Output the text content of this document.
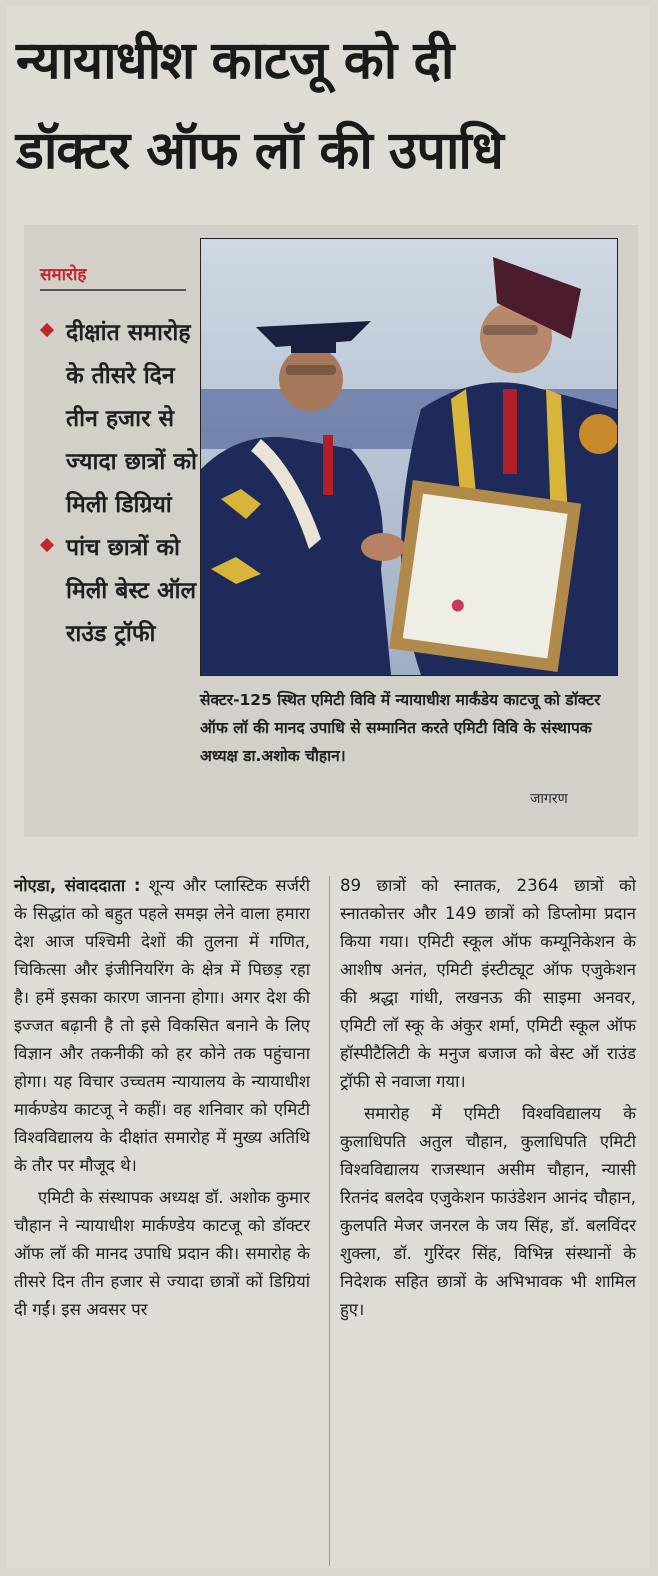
न्यायाधीश काटजू को दी
डॉक्टर ऑफ लॉ की उपाधि
समारोह
दीक्षांत समारोह के तीसरे दिन तीन हजार से ज्यादा छात्रों को मिली डिग्रियां
पांच छात्रों को मिली बेस्ट ऑल राउंड ट्रॉफी
सेक्टर-125 स्थित एमिटी विवि में न्यायाधीश मार्कंडेय काटजू को डॉक्टर ऑफ लॉ की मानद उपाधि से सम्मानित करते एमिटी विवि के संस्थापक अध्यक्ष डा.अशोक चौहान।
जागरण

नोएडा, संवाददाता : शून्य और प्लास्टिक सर्जरी के सिद्धांत को बहुत पहले समझ लेने वाला हमारा देश आज पश्चिमी देशों की तुलना में गणित, चिकित्सा और इंजीनियरिंग के क्षेत्र में पिछड़ रहा है। हमें इसका कारण जानना होगा। अगर देश की इज्जत बढ़ानी है तो इसे विकसित बनाने के लिए विज्ञान और तकनीकी को हर कोने तक पहुंचाना होगा। यह विचार उच्चतम न्यायालय के न्यायाधीश मार्कण्डेय काटजू ने कहीं। वह शनिवार को एमिटी विश्वविद्यालय के दीक्षांत समारोह में मुख्य अतिथि के तौर पर मौजूद थे।

एमिटी के संस्थापक अध्यक्ष डॉ. अशोक कुमार चौहान ने न्यायाधीश मार्कण्डेय काटजू को डॉक्टर ऑफ लॉ की मानद उपाधि प्रदान की। समारोह के तीसरे दिन तीन हजार से ज्यादा छात्रों कों डिग्रियां दी गईं। इस अवसर पर

89 छात्रों को स्नातक, 2364 छात्रों को स्नातकोत्तर और 149 छात्रों को डिप्लोमा प्रदान किया गया। एमिटी स्कूल ऑफ कम्यूनिकेशन के आशीष अनंत, एमिटी इंस्टीट्यूट ऑफ एजुकेशन की श्रद्धा गांधी, लखनऊ की साइमा अनवर, एमिटी लॉ स्कू के अंकुर शर्मा, एमिटी स्कूल ऑफ हॉस्पीटैलिटी के मनुज बजाज को बेस्ट ऑ राउंड ट्रॉफी से नवाजा गया।

समारोह में एमिटी विश्वविद्यालय के कुलाधिपति अतुल चौहान, कुलाधिपति एमिटी विश्वविद्यालय राजस्थान असीम चौहान, न्यासी रितनंद बलदेव एजुकेशन फाउंडेशन आनंद चौहान, कुलपति मेजर जनरल के जय सिंह, डॉ. बलविंदर शुक्ला, डॉ. गुरिंदर सिंह, विभिन्न संस्थानों के निदेशक सहित छात्रों के अभिभावक भी शामिल हुए।
